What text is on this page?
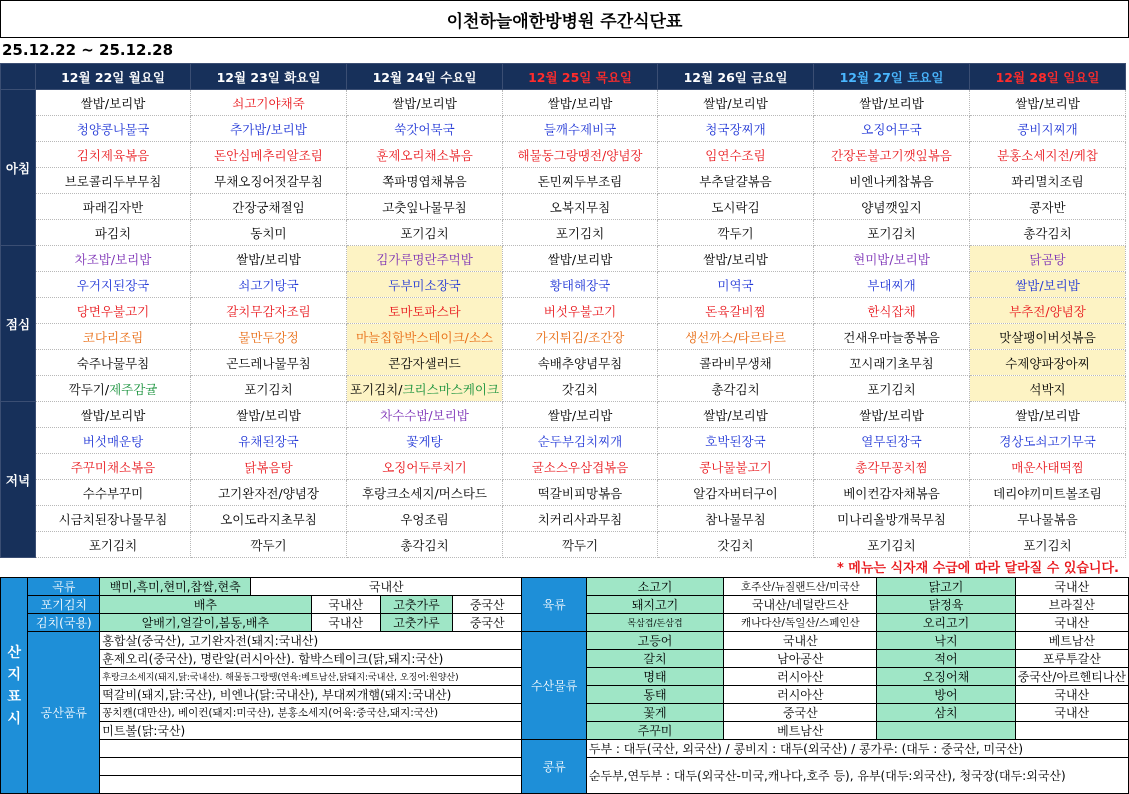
이천하늘애한방병원 주간식단표
25.12.22 ~ 25.12.28
	12월 22일 월요일	12월 23일 화요일	12월 24일 수요일	12월 25일 목요일	12월 26일 금요일	12월 27일 토요일	12월 28일 일요일
아침	쌀밥/보리밥	쇠고기야채죽	쌀밥/보리밥	쌀밥/보리밥	쌀밥/보리밥	쌀밥/보리밥	쌀밥/보리밥
	청양콩나물국	추가밥/보리밥	쑥갓어묵국	들깨수제비국	청국장찌개	오징어무국	콩비지찌개
	김치제육볶음	돈안심메추리알조림	훈제오리채소볶음	해물동그랑땡전/양념장	임연수조림	간장돈불고기깻잎볶음	분홍소세지전/케찹
	브로콜리두부무침	무채오징어젓갈무침	쪽파명엽채볶음	돈민찌두부조림	부추달걀볶음	비엔나케찹볶음	꽈리멸치조림
	파래김자반	간장궁채절임	고춧잎나물무침	오복지무침	도시락김	양념깻잎지	콩자반
	파김치	동치미	포기김치	포기김치	깍두기	포기김치	총각김치
점심	차조밥/보리밥	쌀밥/보리밥	김가루명란주먹밥	쌀밥/보리밥	쌀밥/보리밥	현미밥/보리밥	닭곰탕
	우거지된장국	쇠고기탕국	두부미소장국	황태해장국	미역국	부대찌개	쌀밥/보리밥
	당면우불고기	갈치무감자조림	토마토파스타	버섯우불고기	돈육갈비찜	한식잡채	부추전/양념장
	코다리조림	물만두강정	마늘칩함박스테이크/소스	가지튀김/조간장	생선까스/타르타르	건새우마늘쫑볶음	맛살팽이버섯볶음
	숙주나물무침	곤드레나물무침	콘감자샐러드	속배추양념무침	콜라비무생채	꼬시래기초무침	수제양파장아찌
	깍두기/제주감귤	포기김치	포기김치/크리스마스케이크	갓김치	총각김치	포기김치	석박지
저녁	쌀밥/보리밥	쌀밥/보리밥	차수수밥/보리밥	쌀밥/보리밥	쌀밥/보리밥	쌀밥/보리밥	쌀밥/보리밥
	버섯매운탕	유채된장국	꽃게탕	순두부김치찌개	호박된장국	열무된장국	경상도쇠고기무국
	주꾸미채소볶음	닭볶음탕	오징어두루치기	굴소스우삼겹볶음	콩나물불고기	총각무꽁치찜	매운사태떡찜
	수수부꾸미	고기완자전/양념장	후랑크소세지/머스타드	떡갈비피망볶음	알감자버터구이	베이컨감자채볶음	데리야끼미트볼조림
	시금치된장나물무침	오이도라지초무침	우엉조림	치커리사과무침	참나물무침	미나리올방개묵무침	무나물볶음
	포기김치	깍두기	총각김치	깍두기	갓김치	포기김치	포기김치
* 메뉴는 식자재 수급에 따라 달라질 수 있습니다.
산
지
표
시	곡류	백미,흑미,현미,찹쌀,현축	국내산				육류	소고기	호주산/뉴질랜드산/미국산	닭고기	국내산
	포기김치	배추		국내산	고춧가루	중국산		돼지고기	국내산/네덜란드산	닭정육	브라질산
	김치(국용)	알배기,얼갈이,봄동,배추		국내산	고춧가루	중국산		목삼겹/돈삼겹	캐나다산/독일산/스페인산	오리고기	국내산
	공산품류	홍합살(중국산), 고기완자전(돼지:국내산)					수산물류	고등어	국내산	낙지	베트남산
		훈제오리(중국산), 명란알(러시아산). 함박스테이크(닭,돼지:국산)						갈치	남아공산	적어	포루투갈산
		후랑크소세지(돼지,닭:국내산). 해물동그랑땡(연육:베트남산,닭돼지:국내산, 오징어:원양산)						명태	러시아산	오징어채	중국산/아르헨티나산
		떡갈비(돼지,닭:국산), 비엔나(닭:국내산), 부대찌개햄(돼지:국내산)						동태	러시아산	방어	국내산
		꽁치캔(대만산), 베이컨(돼지:미국산), 분홍소세지(어육:중국산,돼지:국산)						꽃게	중국산	삼치	국내산
		미트볼(닭:국산)						주꾸미	베트남산		
							콩류	두부 : 대두(국산, 외국산) / 콩비지 : 대두(외국산) / 콩가루: (대두 : 중국산, 미국산)			
								순두부,연두부 : 대두(외국산-미국,캐나다,호주 등), 유부(대두:외국산), 청국장(대두:외국산)			
